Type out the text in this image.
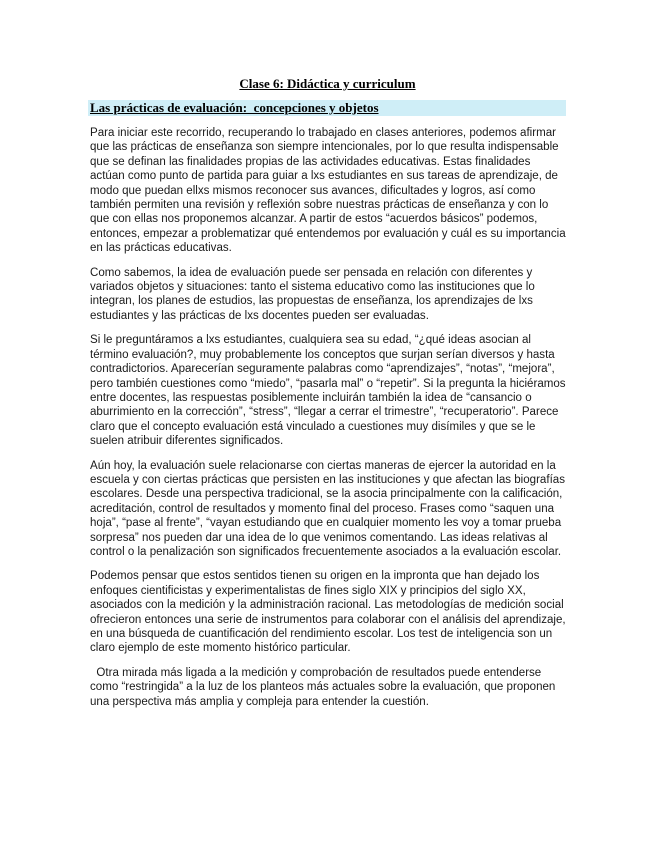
Clase 6: Didáctica y curriculum
Las prácticas de evaluación:  concepciones y objetos

Para iniciar este recorrido, recuperando lo trabajado en clases anteriores, podemos afirmar que las prácticas de enseñanza son siempre intencionales, por lo que resulta indispensable que se definan las finalidades propias de las actividades educativas. Estas finalidades actúan como punto de partida para guiar a lxs estudiantes en sus tareas de aprendizaje, de modo que puedan ellxs mismos reconocer sus avances, dificultades y logros, así como también permiten una revisión y reflexión sobre nuestras prácticas de enseñanza y con lo que con ellas nos proponemos alcanzar. A partir de estos “acuerdos básicos” podemos, entonces, empezar a problematizar qué entendemos por evaluación y cuál es su importancia en las prácticas educativas.

Como sabemos, la idea de evaluación puede ser pensada en relación con diferentes y variados objetos y situaciones: tanto el sistema educativo como las instituciones que lo integran, los planes de estudios, las propuestas de enseñanza, los aprendizajes de lxs estudiantes y las prácticas de lxs docentes pueden ser evaluadas.

Si le preguntáramos a lxs estudiantes, cualquiera sea su edad, “¿qué ideas asocian al término evaluación?, muy probablemente los conceptos que surjan serían diversos y hasta contradictorios. Aparecerían seguramente palabras como “aprendizajes”, “notas”, “mejora”, pero también cuestiones como “miedo”, “pasarla mal” o “repetir”. Si la pregunta la hiciéramos entre docentes, las respuestas posiblemente incluirán también la idea de “cansancio o aburrimiento en la corrección”, “stress”, “llegar a cerrar el trimestre”, “recuperatorio”. Parece claro que el concepto evaluación está vinculado a cuestiones muy disímiles y que se le suelen atribuir diferentes significados.

Aún hoy, la evaluación suele relacionarse con ciertas maneras de ejercer la autoridad en la escuela y con ciertas prácticas que persisten en las instituciones y que afectan las biografías escolares. Desde una perspectiva tradicional, se la asocia principalmente con la calificación, acreditación, control de resultados y momento final del proceso. Frases como “saquen una hoja”, “pase al frente”, “vayan estudiando que en cualquier momento les voy a tomar prueba sorpresa” nos pueden dar una idea de lo que venimos comentando. Las ideas relativas al control o la penalización son significados frecuentemente asociados a la evaluación escolar.

Podemos pensar que estos sentidos tienen su origen en la impronta que han dejado los enfoques cientificistas y experimentalistas de fines siglo XIX y principios del siglo XX, asociados con la medición y la administración racional. Las metodologías de medición social ofrecieron entonces una serie de instrumentos para colaborar con el análisis del aprendizaje, en una búsqueda de cuantificación del rendimiento escolar. Los test de inteligencia son un claro ejemplo de este momento histórico particular.

Otra mirada más ligada a la medición y comprobación de resultados puede entenderse como “restringida” a la luz de los planteos más actuales sobre la evaluación, que proponen una perspectiva más amplia y compleja para entender la cuestión.
